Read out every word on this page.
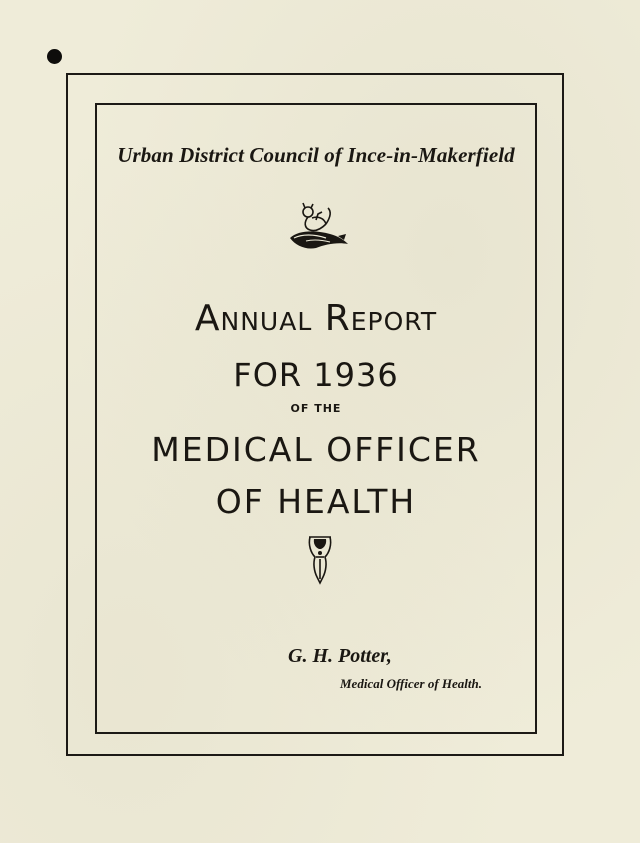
Urban District Council of Ince-in-Makerfield
Annual Report
FOR 1936
OF THE
MEDICAL OFFICER
OF HEALTH
G. H. Potter,
Medical Officer of Health.
